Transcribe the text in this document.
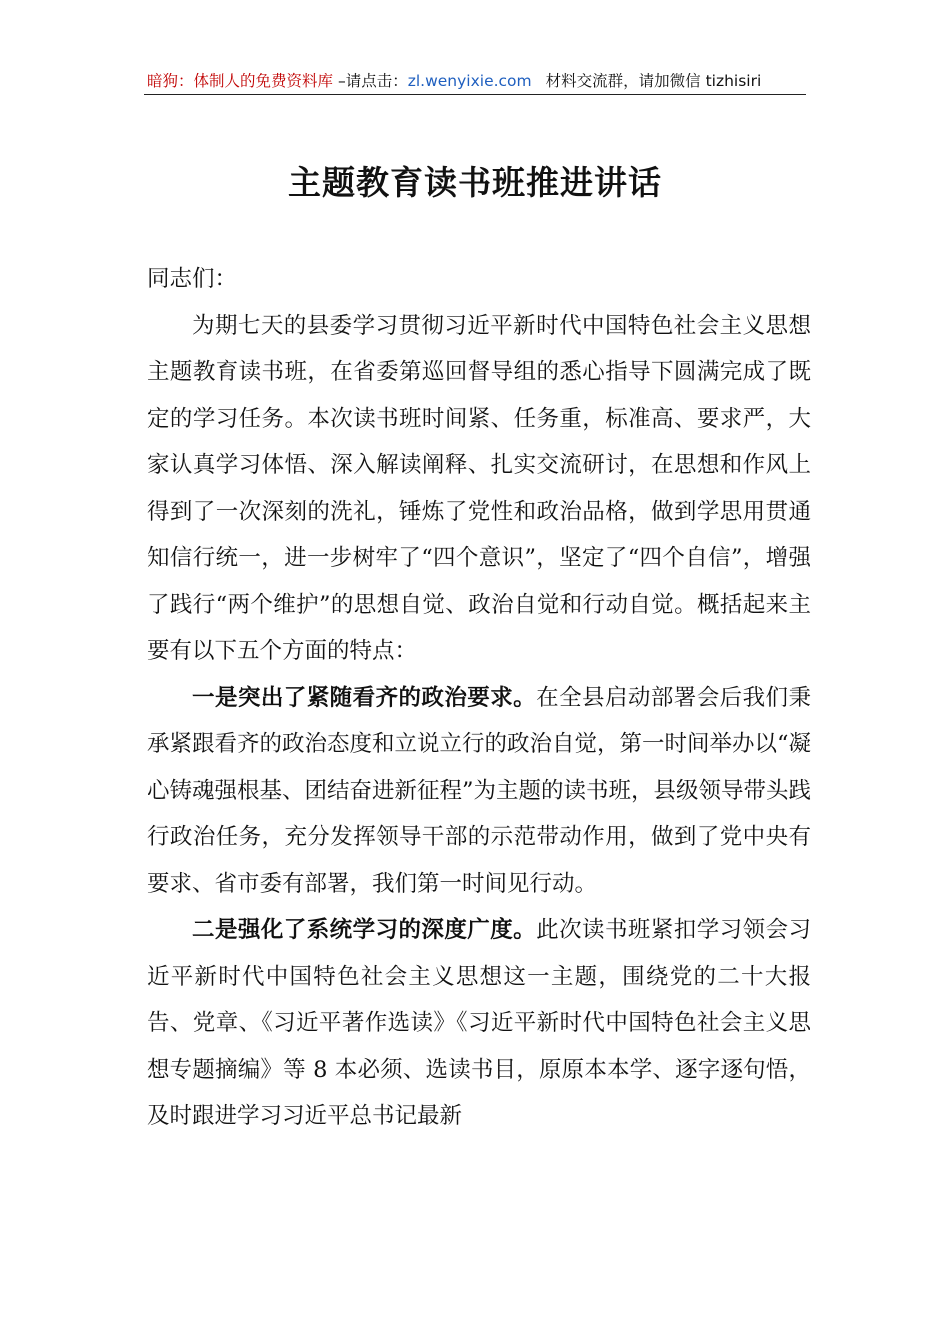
暗狗：体制人的免费资料库 –请点击：zl.wenyixie.com 材料交流群，请加微信 tizhisiri
主题教育读书班推进讲话

同志们：

为期七天的县委学习贯彻习近平新时代中国特色社会主义思想主题教育读书班，在省委第巡回督导组的悉心指导下圆满完成了既定的学习任务。本次读书班时间紧、任务重，标准高、要求严，大家认真学习体悟、深入解读阐释、扎实交流研讨，在思想和作风上得到了一次深刻的洗礼，锤炼了党性和政治品格，做到学思用贯通知信行统一，进一步树牢了“四个意识”，坚定了“四个自信”，增强了践行“两个维护”的思想自觉、政治自觉和行动自觉。概括起来主要有以下五个方面的特点：

一是突出了紧随看齐的政治要求。在全县启动部署会后我们秉承紧跟看齐的政治态度和立说立行的政治自觉，第一时间举办以“凝心铸魂强根基、团结奋进新征程”为主题的读书班，县级领导带头践行政治任务，充分发挥领导干部的示范带动作用，做到了党中央有要求、省市委有部署，我们第一时间见行动。

二是强化了系统学习的深度广度。此次读书班紧扣学习领会习近平新时代中国特色社会主义思想这一主题，围绕党的二十大报告、党章、《习近平著作选读》《习近平新时代中国特色社会主义思想专题摘编》等 8 本必须、选读书目，原原本本学、逐字逐句悟，及时跟进学习习近平总书记最新
